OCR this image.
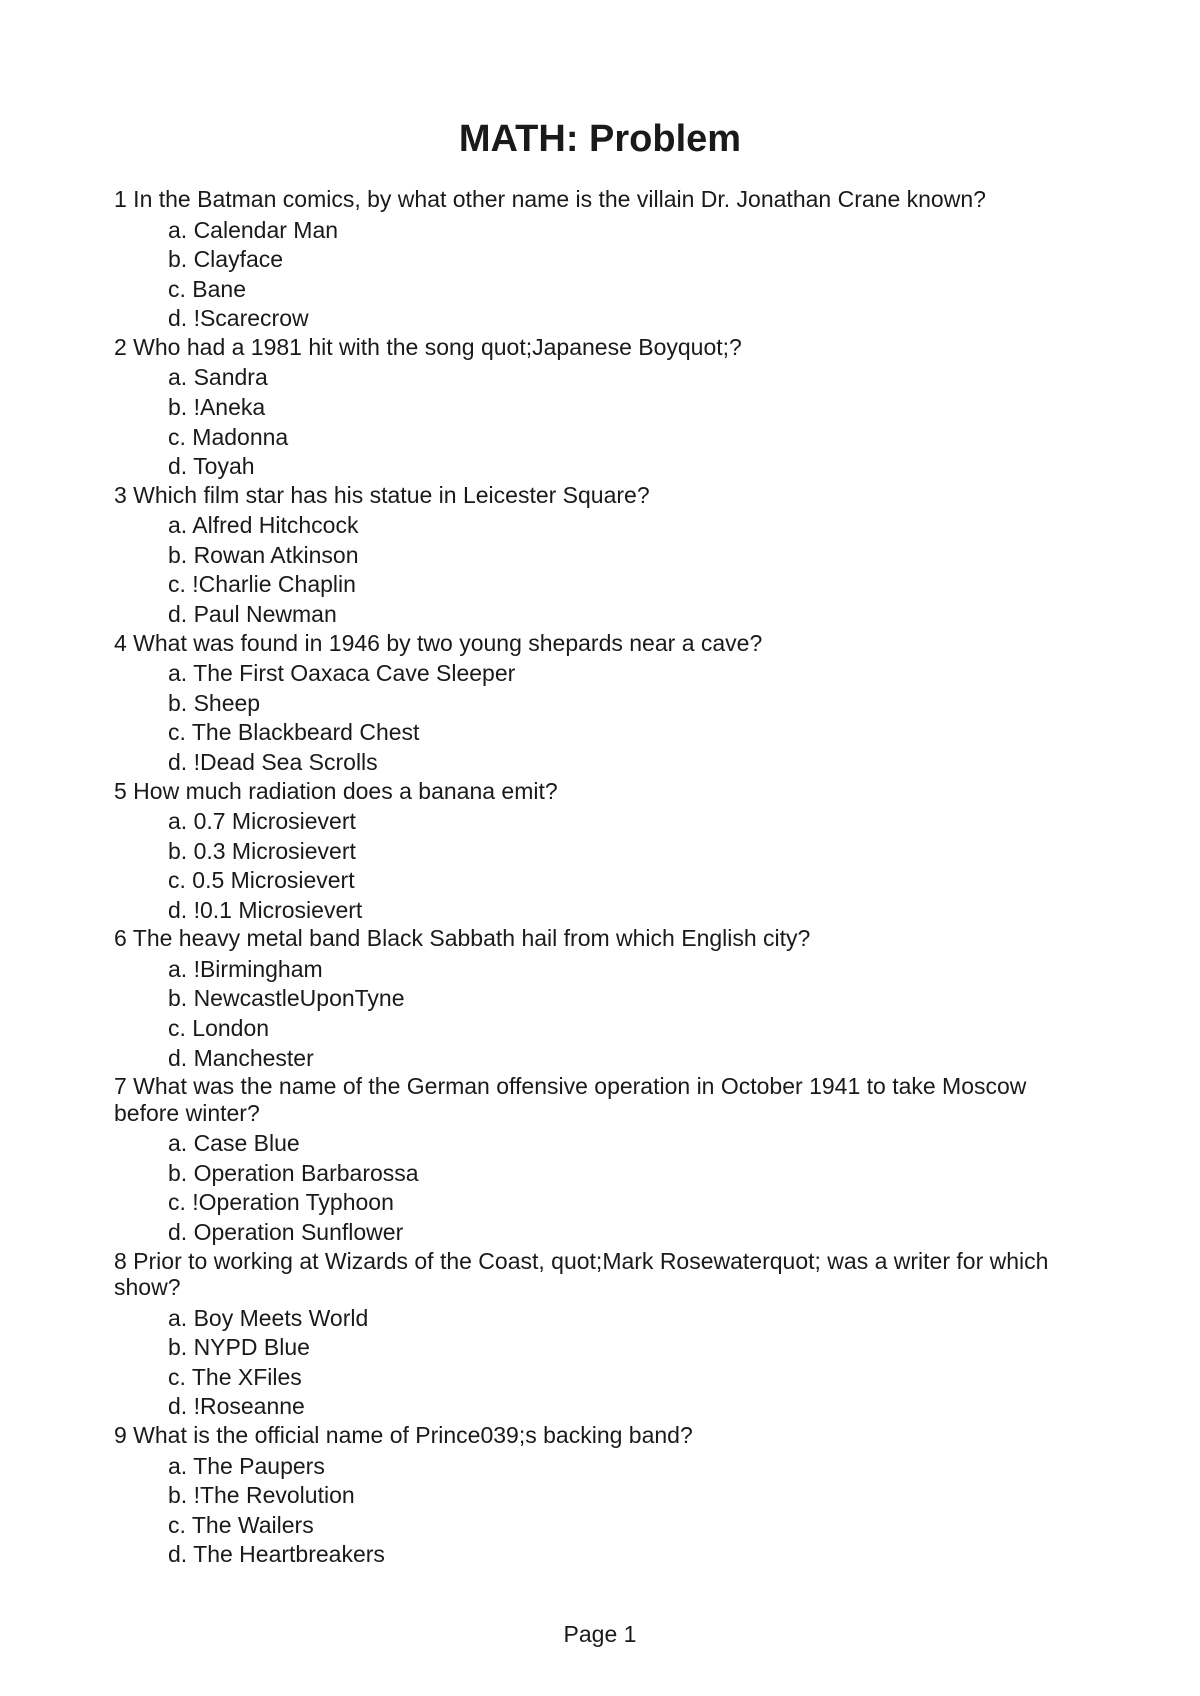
MATH: Problem
1 In the Batman comics, by what other name is the villain Dr. Jonathan Crane known?
a. Calendar Man
b. Clayface
c. Bane
d. !Scarecrow
2 Who had a 1981 hit with the song quot;Japanese Boyquot;?
a. Sandra
b. !Aneka
c. Madonna
d. Toyah
3 Which film star has his statue in Leicester Square?
a. Alfred Hitchcock
b. Rowan Atkinson
c. !Charlie Chaplin
d. Paul Newman
4 What was found in 1946 by two young shepards near a cave?
a. The First Oaxaca Cave Sleeper
b. Sheep
c. The Blackbeard Chest
d. !Dead Sea Scrolls
5 How much radiation does a banana emit?
a. 0.7 Microsievert
b. 0.3 Microsievert
c. 0.5 Microsievert
d. !0.1 Microsievert
6 The heavy metal band Black Sabbath hail from which English city?
a. !Birmingham
b. NewcastleUponTyne
c. London
d. Manchester
7 What was the name of the German offensive operation in October 1941 to take Moscow before winter?
a. Case Blue
b. Operation Barbarossa
c. !Operation Typhoon
d. Operation Sunflower
8 Prior to working at Wizards of the Coast, quot;Mark Rosewaterquot; was a writer for which show?
a. Boy Meets World
b. NYPD Blue
c. The XFiles
d. !Roseanne
9 What is the official name of Prince039;s backing band?
a. The Paupers
b. !The Revolution
c. The Wailers
d. The Heartbreakers
Page 1
